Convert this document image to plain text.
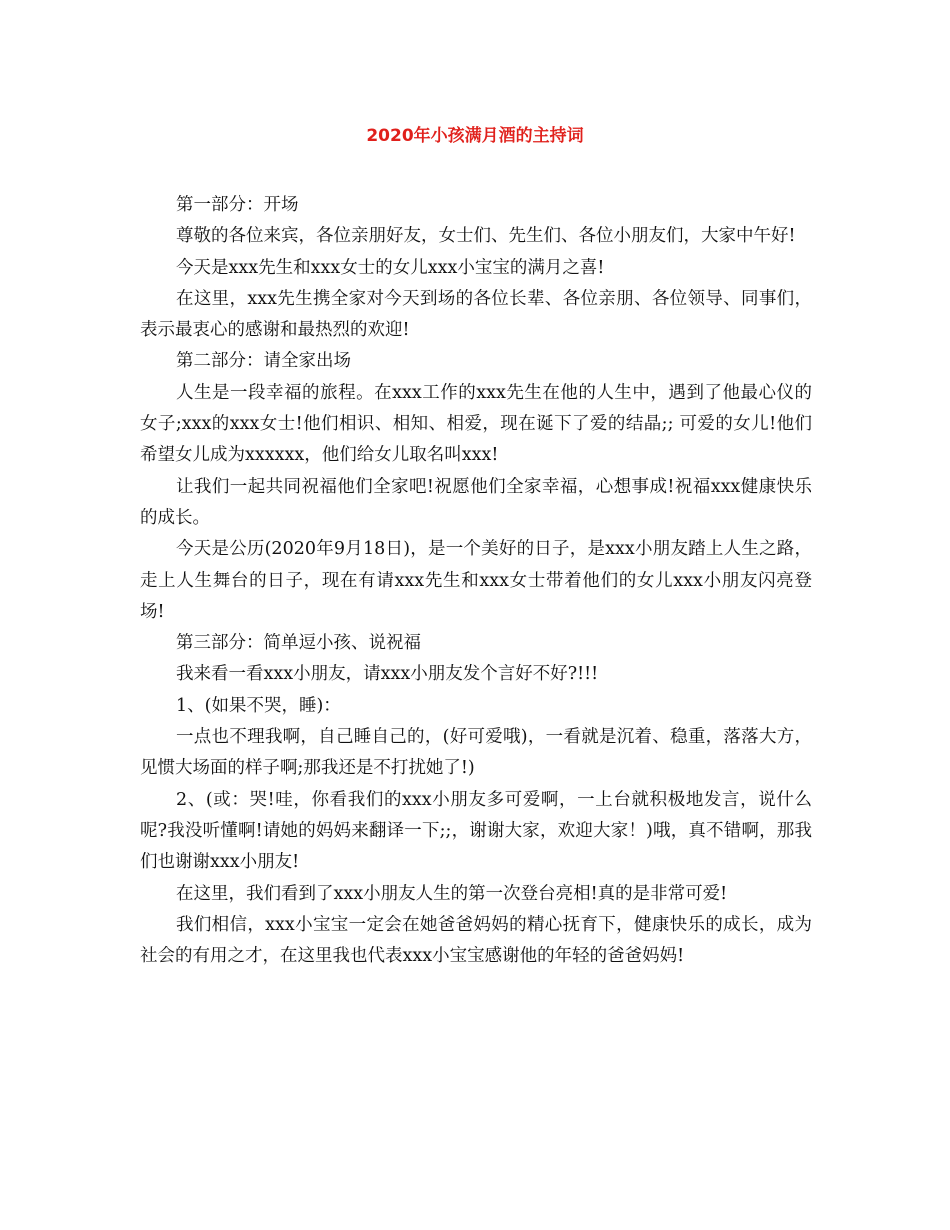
2020年小孩满月酒的主持词

第一部分：开场

尊敬的各位来宾，各位亲朋好友，女士们、先生们、各位小朋友们，大家中午好!

今天是xxx先生和xxx女士的女儿xxx小宝宝的满月之喜!

在这里，xxx先生携全家对今天到场的各位长辈、各位亲朋、各位领导、同事们，表示最衷心的感谢和最热烈的欢迎!

第二部分：请全家出场

人生是一段幸福的旅程。在xxx工作的xxx先生在他的人生中，遇到了他最心仪的女子;xxx的xxx女士!他们相识、相知、相爱，现在诞下了爱的结晶;; 可爱的女儿!他们希望女儿成为xxxxxx，他们给女儿取名叫xxx!

让我们一起共同祝福他们全家吧!祝愿他们全家幸福，心想事成!祝福xxx健康快乐的成长。

今天是公历(2020年9月18日)，是一个美好的日子，是xxx小朋友踏上人生之路，走上人生舞台的日子，现在有请xxx先生和xxx女士带着他们的女儿xxx小朋友闪亮登场!

第三部分：简单逗小孩、说祝福

我来看一看xxx小朋友，请xxx小朋友发个言好不好?!!!

1、(如果不哭，睡)：

一点也不理我啊，自己睡自己的，(好可爱哦)，一看就是沉着、稳重，落落大方，见惯大场面的样子啊;那我还是不打扰她了!)

2、(或：哭!哇，你看我们的xxx小朋友多可爱啊，一上台就积极地发言，说什么呢?我没听懂啊!请她的妈妈来翻译一下;;，谢谢大家，欢迎大家！)哦，真不错啊，那我们也谢谢xxx小朋友!

在这里，我们看到了xxx小朋友人生的第一次登台亮相!真的是非常可爱!

我们相信，xxx小宝宝一定会在她爸爸妈妈的精心抚育下，健康快乐的成长，成为社会的有用之才，在这里我也代表xxx小宝宝感谢他的年轻的爸爸妈妈!
